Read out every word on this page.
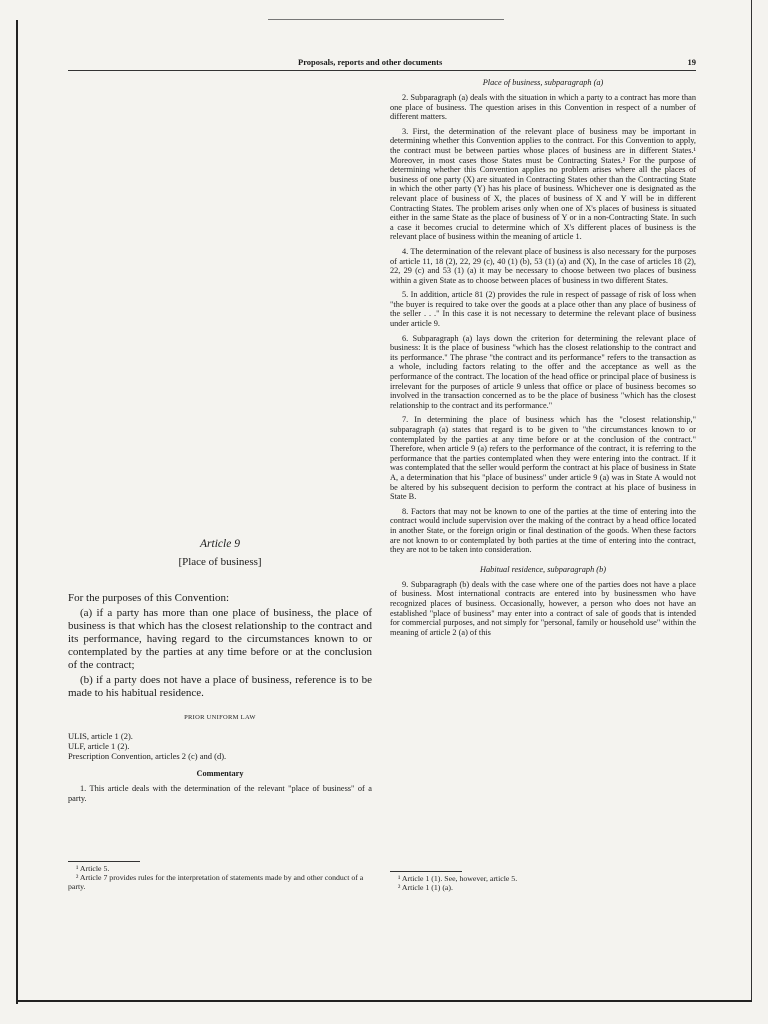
Proposals, reports and other documents	19
Article 9
[Place of business]

For the purposes of this Convention:

(a) if a party has more than one place of business, the place of business is that which has the closest relationship to the contract and its performance, having regard to the circumstances known to or contemplated by the parties at any time before or at the conclusion of the contract;

(b) if a party does not have a place of business, reference is to be made to his habitual residence.

PRIOR UNIFORM LAW
ULIS, article 1 (2).
ULF, article 1 (2).
Prescription Convention, articles 2 (c) and (d).
Commentary

1. This article deals with the determination of the relevant "place of business" of a party.

¹ Article 5.
² Article 7 provides rules for the interpretation of statements made by and other conduct of a party.
Place of business, subparagraph (a)

2. Subparagraph (a) deals with the situation in which a party to a contract has more than one place of business. The question arises in this Convention in respect of a number of different matters.

3. First, the determination of the relevant place of business may be important in determining whether this Convention applies to the contract. For this Convention to apply, the contract must be between parties whose places of business are in different States.¹ Moreover, in most cases those States must be Contracting States.² For the purpose of determining whether this Convention applies no problem arises where all the places of business of one party (X) are situated in Contracting States other than the Contracting State in which the other party (Y) has his place of business. Whichever one is designated as the relevant place of business of X, the places of business of X and Y will be in different Contracting States. The problem arises only when one of X's places of business is situated either in the same State as the place of business of Y or in a non-Contracting State. In such a case it becomes crucial to determine which of X's different places of business is the relevant place of business within the meaning of article 1.

4. The determination of the relevant place of business is also necessary for the purposes of article 11, 18 (2), 22, 29 (c), 40 (1) (b), 53 (1) (a) and (X), In the case of articles 18 (2), 22, 29 (c) and 53 (1) (a) it may be necessary to choose between two places of business within a given State as to choose between places of business in two different States.

5. In addition, article 81 (2) provides the rule in respect of passage of risk of loss when "the buyer is required to take over the goods at a place other than any place of business of the seller . . ." In this case it is not necessary to determine the relevant place of business under article 9.

6. Subparagraph (a) lays down the criterion for determining the relevant place of business: It is the place of business "which has the closest relationship to the contract and its performance." The phrase "the contract and its performance" refers to the transaction as a whole, including factors relating to the offer and the acceptance as well as the performance of the contract. The location of the head office or principal place of business is irrelevant for the purposes of article 9 unless that office or place of business becomes so involved in the transaction concerned as to be the place of business "which has the closest relationship to the contract and its performance."

7. In determining the place of business which has the "closest relationship," subparagraph (a) states that regard is to be given to "the circumstances known to or contemplated by the parties at any time before or at the conclusion of the contract." Therefore, when article 9 (a) refers to the performance of the contract, it is referring to the performance that the parties contemplated when they were entering into the contract. If it was contemplated that the seller would perform the contract at his place of business in State A, a determination that his "place of business" under article 9 (a) was in State A would not be altered by his subsequent decision to perform the contract at his place of business in State B.

8. Factors that may not be known to one of the parties at the time of entering into the contract would include supervision over the making of the contract by a head office located in another State, or the foreign origin or final destination of the goods. When these factors are not known to or contemplated by both parties at the time of entering into the contract, they are not to be taken into consideration.

Habitual residence, subparagraph (b)

9. Subparagraph (b) deals with the case where one of the parties does not have a place of business. Most international contracts are entered into by businessmen who have recognized places of business. Occasionally, however, a person who does not have an established "place of business" may enter into a contract of sale of goods that is intended for commercial purposes, and not simply for "personal, family or household use" within the meaning of article 2 (a) of this

¹ Article 1 (1). See, however, article 5.
² Article 1 (1) (a).
